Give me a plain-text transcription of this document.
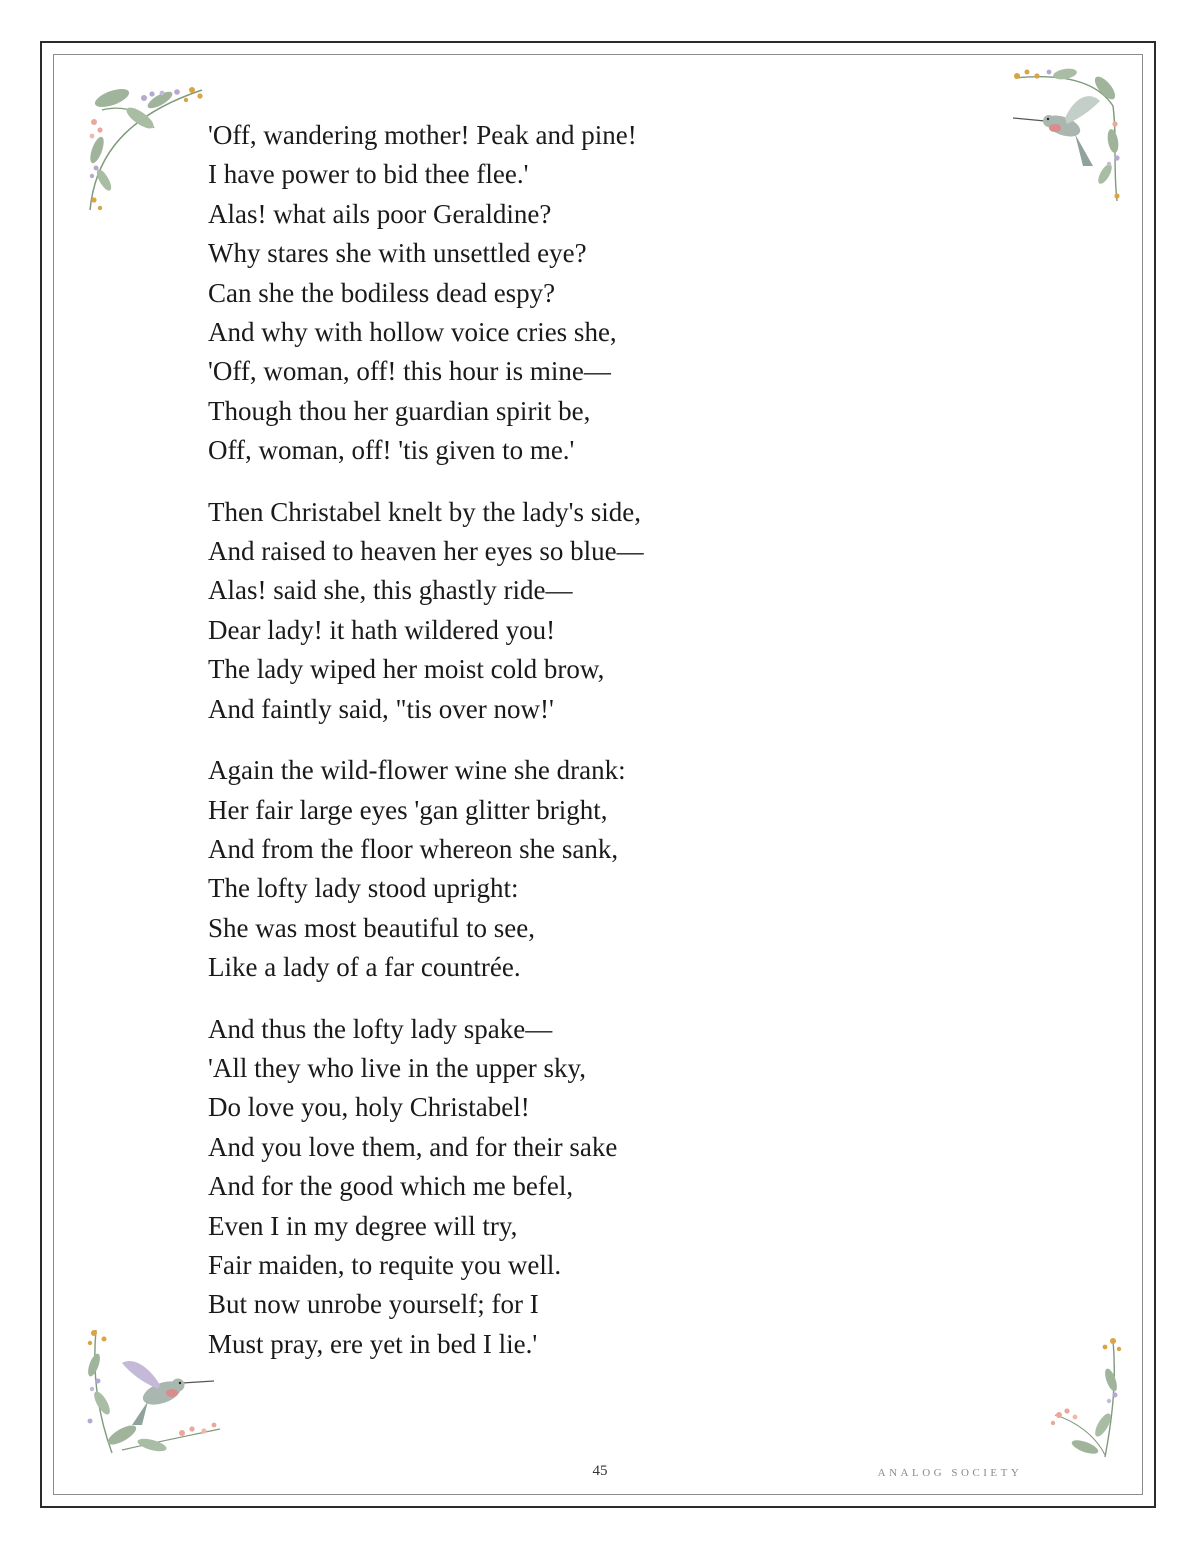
'Off, wandering mother! Peak and pine!
I have power to bid thee flee.'
Alas! what ails poor Geraldine?
Why stares she with unsettled eye?
Can she the bodiless dead espy?
And why with hollow voice cries she,
'Off, woman, off! this hour is mine—
Though thou her guardian spirit be,
Off, woman, off! 'tis given to me.'
Then Christabel knelt by the lady's side,
And raised to heaven her eyes so blue—
Alas! said she, this ghastly ride—
Dear lady! it hath wildered you!
The lady wiped her moist cold brow,
And faintly said, "tis over now!'
Again the wild-flower wine she drank:
Her fair large eyes 'gan glitter bright,
And from the floor whereon she sank,
The lofty lady stood upright:
She was most beautiful to see,
Like a lady of a far countrée.
And thus the lofty lady spake—
'All they who live in the upper sky,
Do love you, holy Christabel!
And you love them, and for their sake
And for the good which me befel,
Even I in my degree will try,
Fair maiden, to requite you well.
But now unrobe yourself; for I
Must pray, ere yet in bed I lie.'
45	ANALOG SOCIETY
